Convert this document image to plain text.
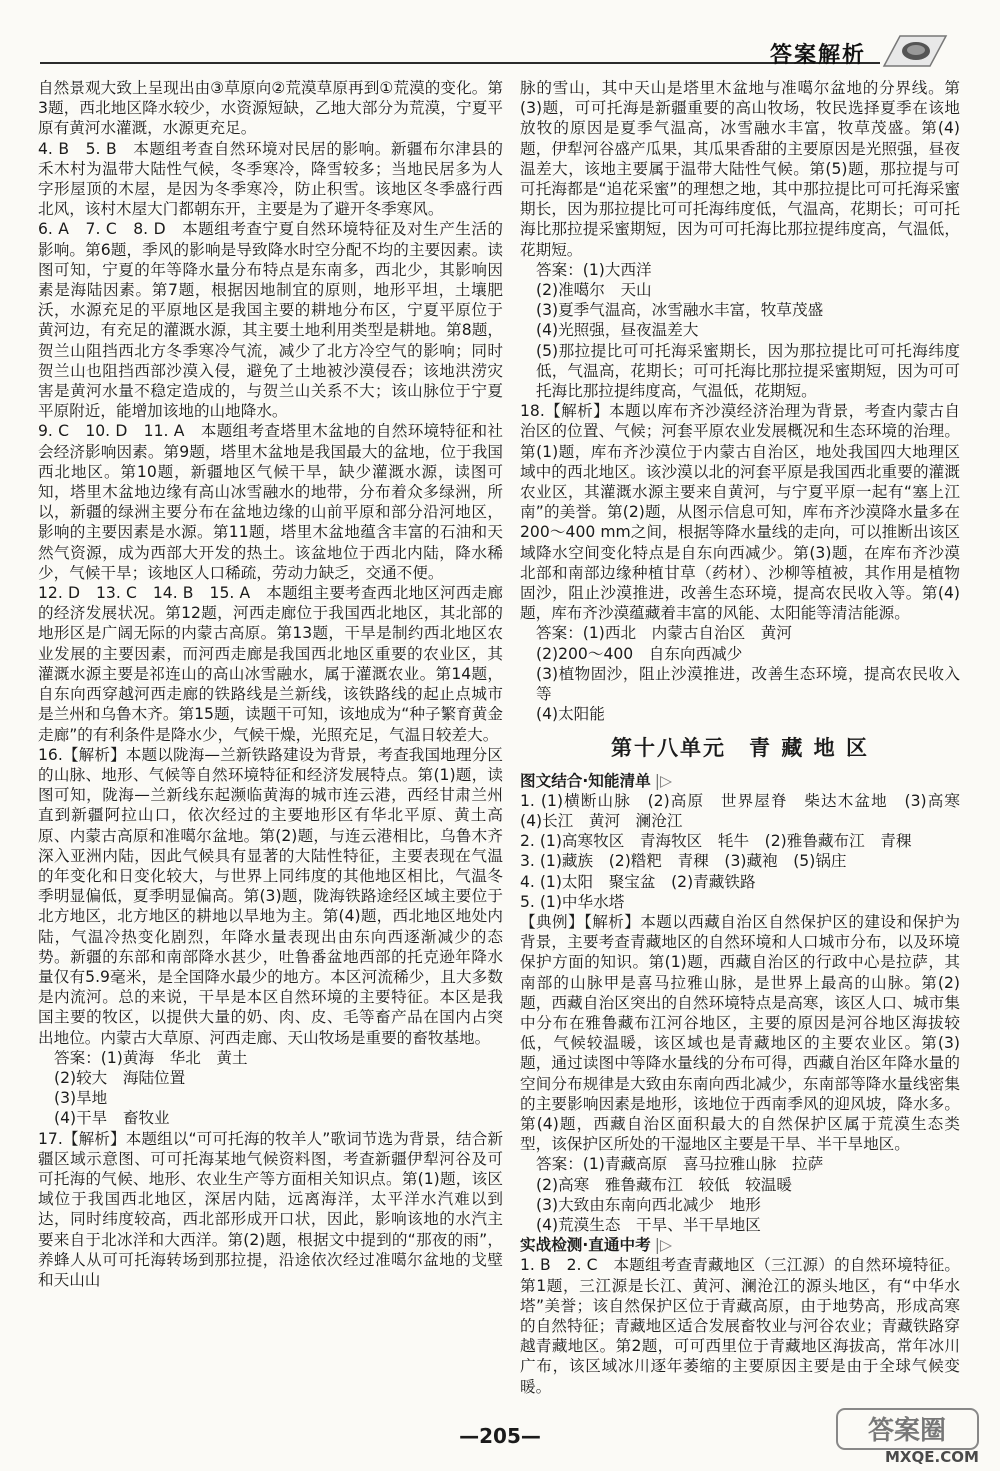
答案解析

自然景观大致上呈现出由③草原向②荒漠草原再到①荒漠的变化。第3题，西北地区降水较少，水资源短缺，乙地大部分为荒漠，宁夏平原有黄河水灌溉，水源更充足。

4. B　5. B　本题组考查自然环境对民居的影响。新疆布尔津县的禾木村为温带大陆性气候，冬季寒冷，降雪较多；当地民居多为人字形屋顶的木屋，是因为冬季寒冷，防止积雪。该地区冬季盛行西北风，该村木屋大门都朝东开，主要是为了避开冬季寒风。

6. A　7. C　8. D　本题组考查宁夏自然环境特征及对生产生活的影响。第6题，季风的影响是导致降水时空分配不均的主要因素。读图可知，宁夏的年等降水量分布特点是东南多，西北少，其影响因素是海陆因素。第7题，根据因地制宜的原则，地形平坦，土壤肥沃，水源充足的平原地区是我国主要的耕地分布区，宁夏平原位于黄河边，有充足的灌溉水源，其主要土地利用类型是耕地。第8题，贺兰山阻挡西北方冬季寒冷气流，减少了北方冷空气的影响；同时贺兰山也阻挡西部沙漠入侵，避免了土地被沙漠侵吞；该地洪涝灾害是黄河水量不稳定造成的，与贺兰山关系不大；该山脉位于宁夏平原附近，能增加该地的山地降水。

9. C　10. D　11. A　本题组考查塔里木盆地的自然环境特征和社会经济影响因素。第9题，塔里木盆地是我国最大的盆地，位于我国西北地区。第10题，新疆地区气候干旱，缺少灌溉水源，读图可知，塔里木盆地边缘有高山冰雪融水的地带，分布着众多绿洲，所以，新疆的绿洲主要分布在盆地边缘的山前平原和部分沿河地区，影响的主要因素是水源。第11题，塔里木盆地蕴含丰富的石油和天然气资源，成为西部大开发的热土。该盆地位于西北内陆，降水稀少，气候干旱；该地区人口稀疏，劳动力缺乏，交通不便。

12. D　13. C　14. B　15. A　本题组主要考查西北地区河西走廊的经济发展状况。第12题，河西走廊位于我国西北地区，其北部的地形区是广阔无际的内蒙古高原。第13题，干旱是制约西北地区农业发展的主要因素，而河西走廊是我国西北地区重要的农业区，其灌溉水源主要是祁连山的高山冰雪融水，属于灌溉农业。第14题，自东向西穿越河西走廊的铁路线是兰新线，该铁路线的起止点城市是兰州和乌鲁木齐。第15题，读题干可知，该地成为“种子繁育黄金走廊”的有利条件是降水少，气候干燥，光照充足，气温日较差大。

16.【解析】本题以陇海—兰新铁路建设为背景，考查我国地理分区的山脉、地形、气候等自然环境特征和经济发展特点。第(1)题，读图可知，陇海—兰新线东起濒临黄海的城市连云港，西经甘肃兰州直到新疆阿拉山口，依次经过的主要地形区有华北平原、黄土高原、内蒙古高原和准噶尔盆地。第(2)题，与连云港相比，乌鲁木齐深入亚洲内陆，因此气候具有显著的大陆性特征，主要表现在气温的年变化和日变化较大，与世界上同纬度的其他地区相比，气温冬季明显偏低，夏季明显偏高。第(3)题，陇海铁路途经区域主要位于北方地区，北方地区的耕地以旱地为主。第(4)题，西北地区地处内陆，气温冷热变化剧烈，年降水量表现出由东向西逐渐减少的态势。新疆的东部和南部降水甚少，吐鲁番盆地西部的托克逊年降水量仅有5.9毫米，是全国降水最少的地方。本区河流稀少，且大多数是内流河。总的来说，干旱是本区自然环境的主要特征。本区是我国主要的牧区，以提供大量的奶、肉、皮、毛等畜产品在国内占突出地位。内蒙古大草原、河西走廊、天山牧场是重要的畜牧基地。

答案：(1)黄海　华北　黄土

(2)较大　海陆位置

(3)旱地

(4)干旱　畜牧业

17.【解析】本题组以“可可托海的牧羊人”歌词节选为背景，结合新疆区域示意图、可可托海某地气候资料图，考查新疆伊犁河谷及可可托海的气候、地形、农业生产等方面相关知识点。第(1)题，该区域位于我国西北地区，深居内陆，远离海洋，太平洋水汽难以到达，同时纬度较高，西北部形成开口状，因此，影响该地的水汽主要来自于北冰洋和大西洋。第(2)题，根据文中提到的“那夜的雨”，养蜂人从可可托海转场到那拉提，沿途依次经过准噶尔盆地的戈壁和天山山

脉的雪山，其中天山是塔里木盆地与准噶尔盆地的分界线。第(3)题，可可托海是新疆重要的高山牧场，牧民选择夏季在该地放牧的原因是夏季气温高，冰雪融水丰富，牧草茂盛。第(4)题，伊犁河谷盛产瓜果，其瓜果香甜的主要原因是光照强，昼夜温差大，该地主要属于温带大陆性气候。第(5)题，那拉提与可可托海都是“追花采蜜”的理想之地，其中那拉提比可可托海采蜜期长，因为那拉提比可可托海纬度低，气温高，花期长；可可托海比那拉提采蜜期短，因为可可托海比那拉提纬度高，气温低，花期短。

答案：(1)大西洋

(2)准噶尔　天山

(3)夏季气温高，冰雪融水丰富，牧草茂盛

(4)光照强，昼夜温差大

(5)那拉提比可可托海采蜜期长，因为那拉提比可可托海纬度低，气温高，花期长；可可托海比那拉提采蜜期短，因为可可托海比那拉提纬度高，气温低，花期短。

18.【解析】本题以库布齐沙漠经济治理为背景，考查内蒙古自治区的位置、气候；河套平原农业发展概况和生态环境的治理。第(1)题，库布齐沙漠位于内蒙古自治区，地处我国四大地理区域中的西北地区。该沙漠以北的河套平原是我国西北重要的灌溉农业区，其灌溉水源主要来自黄河，与宁夏平原一起有“塞上江南”的美誉。第(2)题，从图示信息可知，库布齐沙漠降水量多在200～400 mm之间，根据等降水量线的走向，可以推断出该区域降水空间变化特点是自东向西减少。第(3)题，在库布齐沙漠北部和南部边缘种植甘草（药材）、沙柳等植被，其作用是植物固沙，阻止沙漠推进，改善生态环境，提高农民收入等。第(4)题，库布齐沙漠蕴藏着丰富的风能、太阳能等清洁能源。

答案：(1)西北　内蒙古自治区　黄河

(2)200～400　自东向西减少

(3)植物固沙，阻止沙漠推进，改善生态环境，提高农民收入等

(4)太阳能

第十八单元　青 藏 地 区

图文结合·知能清单 |▷

1. (1)横断山脉　(2)高原　世界屋脊　柴达木盆地　(3)高寒　(4)长江　黄河　澜沧江

2. (1)高寒牧区　青海牧区　牦牛　(2)雅鲁藏布江　青稞

3. (1)藏族　(2)糌粑　青稞　(3)藏袍　(5)锅庄

4. (1)太阳　聚宝盆　(2)青藏铁路

5. (1)中华水塔

【典例】【解析】本题以西藏自治区自然保护区的建设和保护为背景，主要考查青藏地区的自然环境和人口城市分布，以及环境保护方面的知识。第(1)题，西藏自治区的行政中心是拉萨，其南部的山脉甲是喜马拉雅山脉，是世界上最高的山脉。第(2)题，西藏自治区突出的自然环境特点是高寒，该区人口、城市集中分布在雅鲁藏布江河谷地区，主要的原因是河谷地区海拔较低，气候较温暖，该区域也是青藏地区的主要农业区。第(3)题，通过读图中等降水量线的分布可得，西藏自治区年降水量的空间分布规律是大致由东南向西北减少，东南部等降水量线密集的主要影响因素是地形，该地位于西南季风的迎风坡，降水多。第(4)题，西藏自治区面积最大的自然保护区属于荒漠生态类型，该保护区所处的干湿地区主要是干旱、半干旱地区。

答案：(1)青藏高原　喜马拉雅山脉　拉萨

(2)高寒　雅鲁藏布江　较低　较温暖

(3)大致由东南向西北减少　地形

(4)荒漠生态　干旱、半干旱地区

实战检测·直通中考 |▷

1. B　2. C　本题组考查青藏地区（三江源）的自然环境特征。第1题，三江源是长江、黄河、澜沧江的源头地区，有“中华水塔”美誉；该自然保护区位于青藏高原，由于地势高，形成高寒的自然特征；青藏地区适合发展畜牧业与河谷农业；青藏铁路穿越青藏地区。第2题，可可西里位于青藏地区海拔高，常年冰川广布，该区域冰川逐年萎缩的主要原因主要是由于全球气候变暖。

—205—	答案圈
MXQE.COM
